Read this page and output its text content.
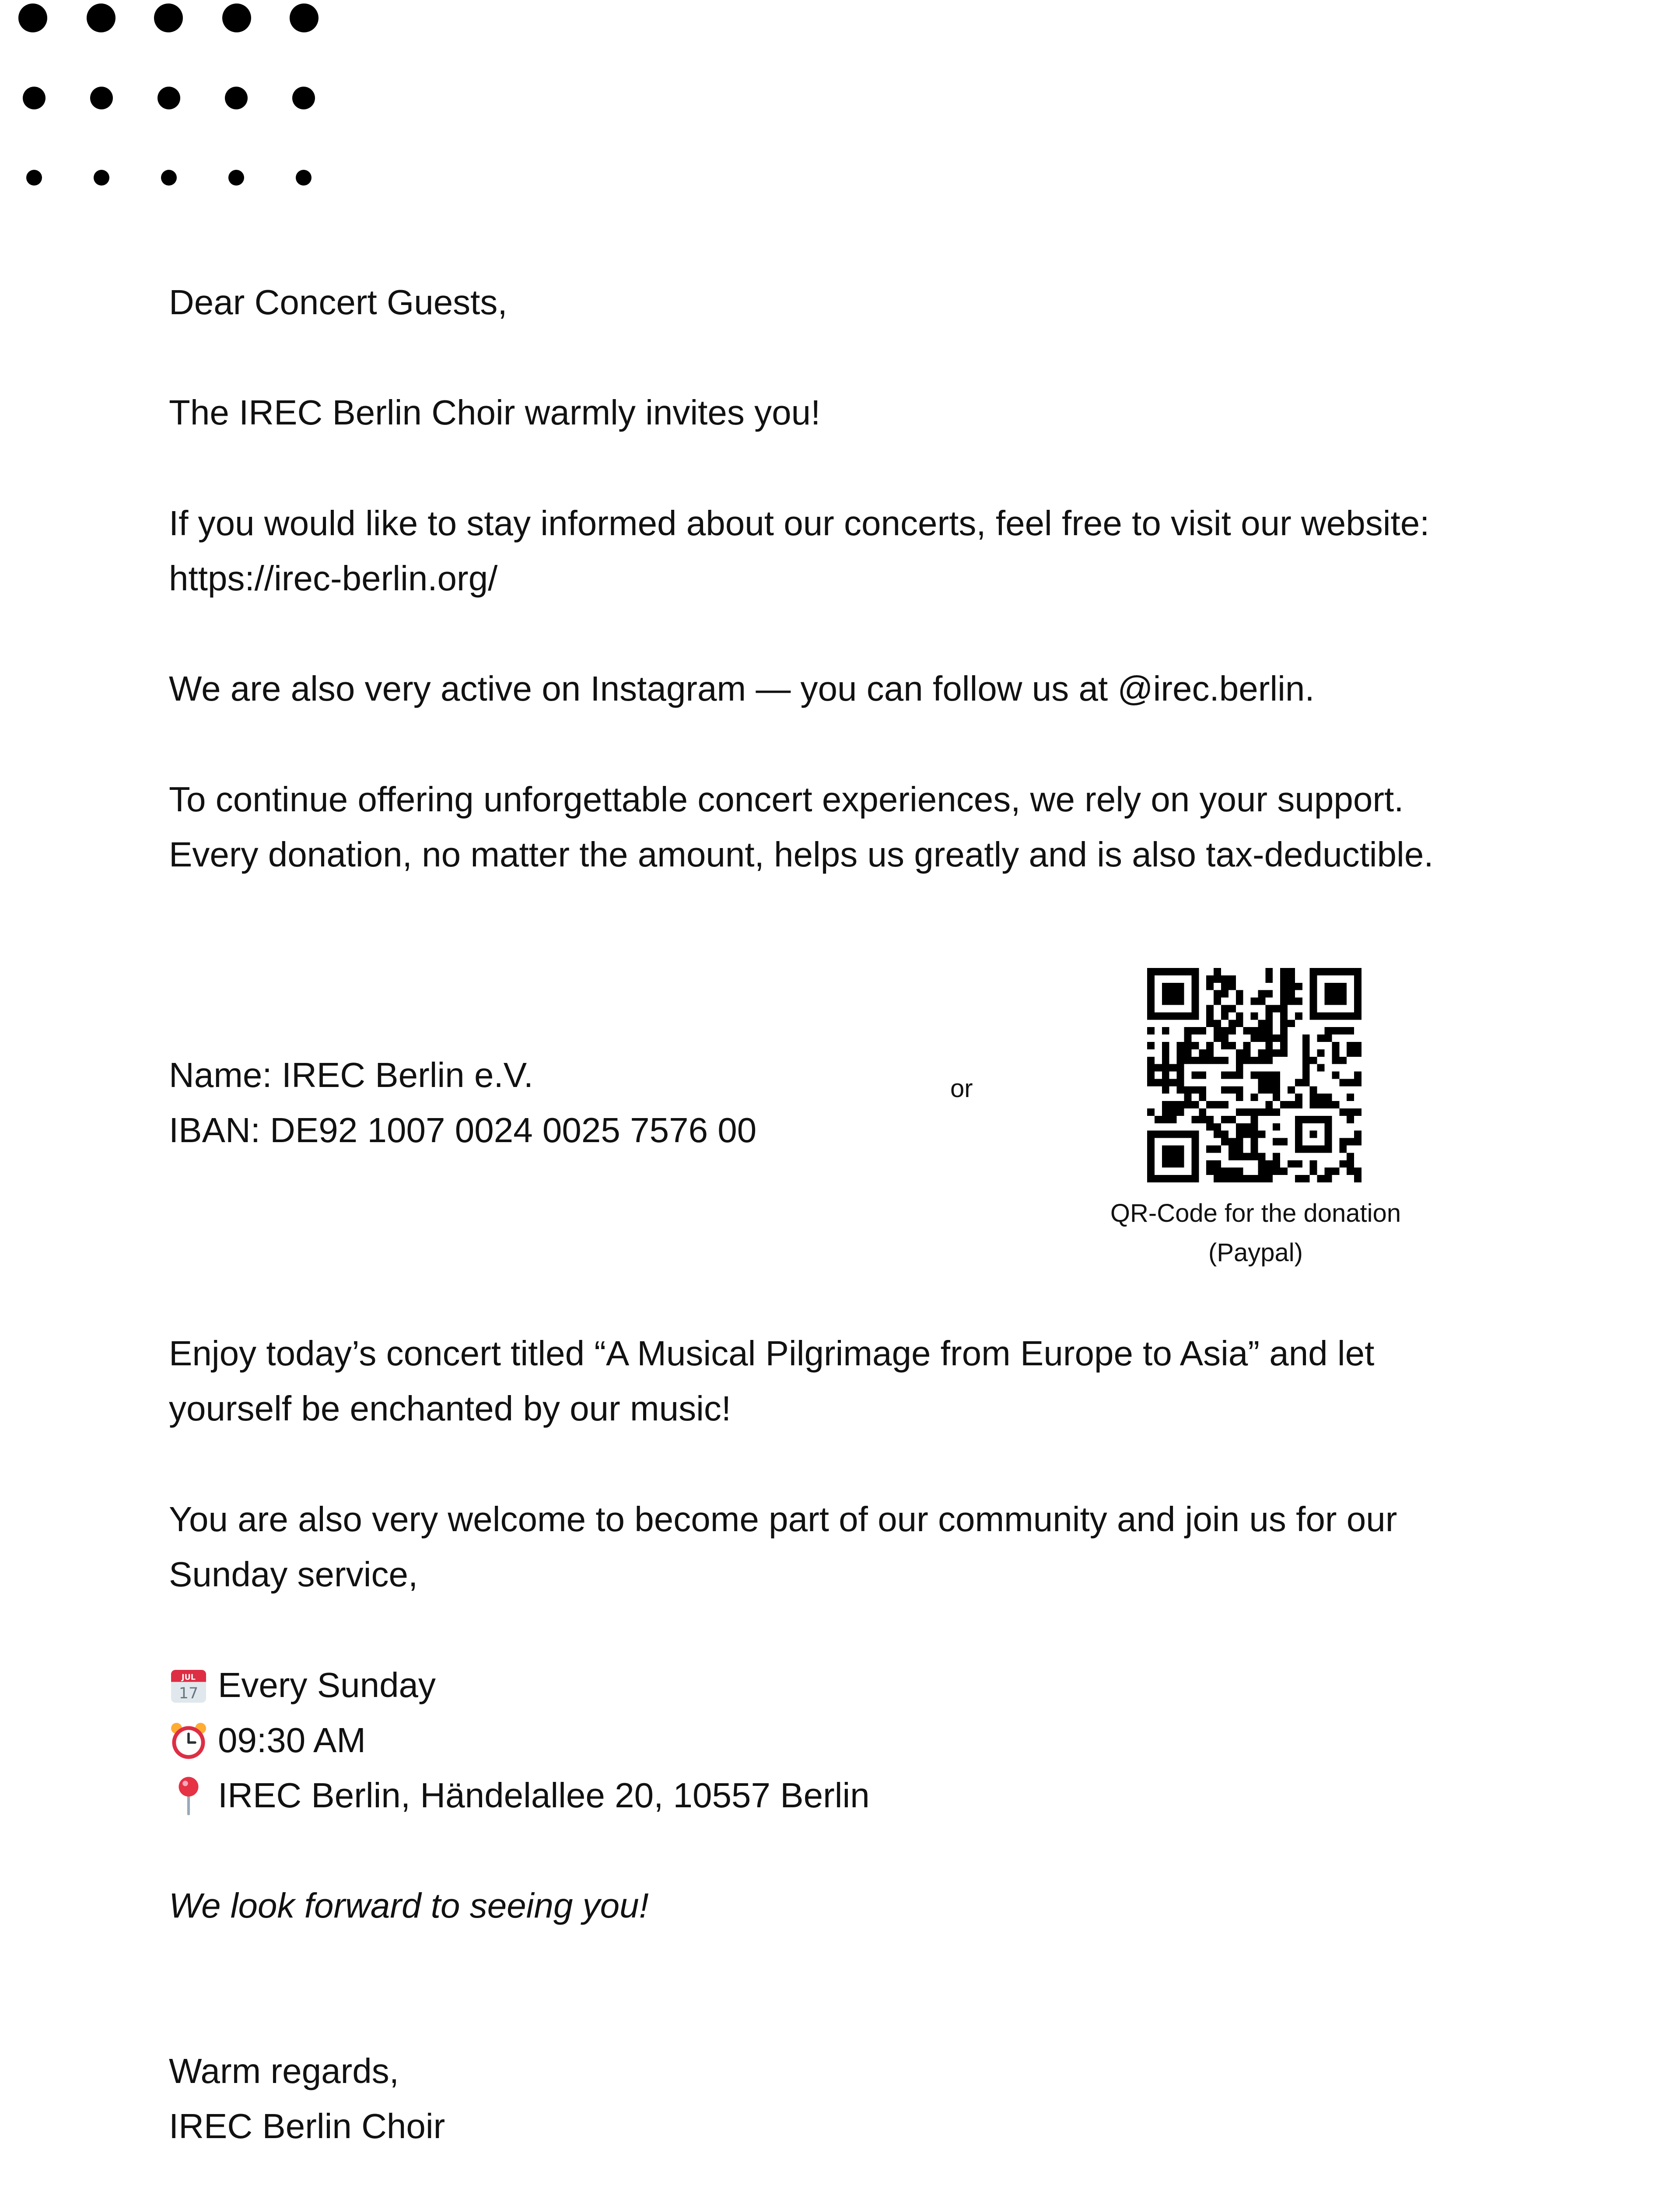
Dear Concert Guests,

The IREC Berlin Choir warmly invites you!

If you would like to stay informed about our concerts, feel free to visit our website:

https://irec-berlin.org/

We are also very active on Instagram — you can follow us at @irec.berlin.

To continue offering unforgettable concert experiences, we rely on your support.

Every donation, no matter the amount, helps us greatly and is also tax-deductible.

Enjoy today’s concert titled “A Musical Pilgrimage from Europe to Asia” and let

yourself be enchanted by our music!

You are also very welcome to become part of our community and join us for our

Sunday service,

JUL
17 Every Sunday

09:30 AM

IREC Berlin, Händelallee 20, 10557 Berlin

We look forward to seeing you!

Warm regards,

IREC Berlin Choir

Name: IREC Berlin e.V.
IBAN: DE92 1007 0024 0025 7576 00
or
QR-Code for the donation
(Paypal)
